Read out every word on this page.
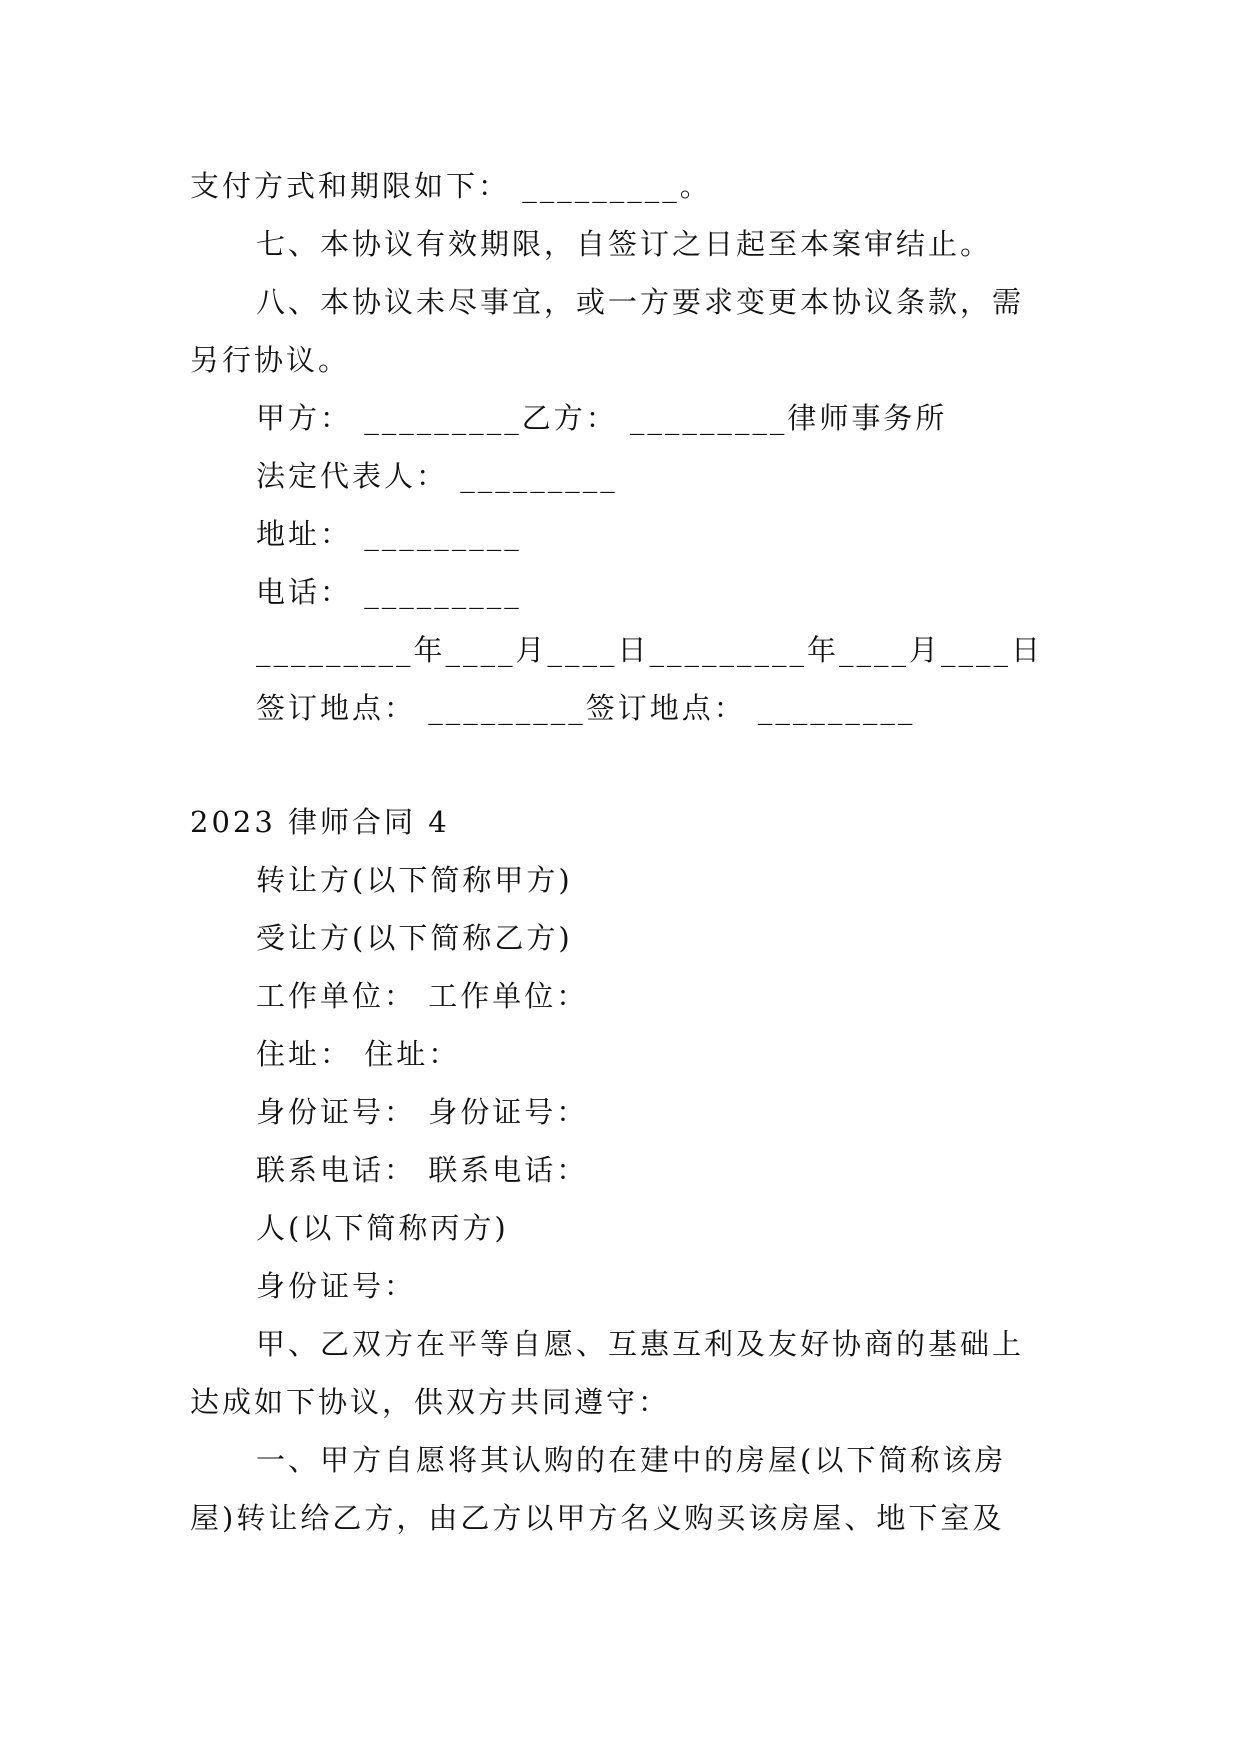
支付方式和期限如下： _________。
七、本协议有效期限，自签订之日起至本案审结止。
八、本协议未尽事宜，或一方要求变更本协议条款，需
另行协议。
甲方： _________乙方： _________律师事务所
法定代表人： _________
地址： _________
电话： _________
_________年____月____日_________年____月____日
签订地点： _________签订地点： _________
2023 律师合同 4
转让方(以下简称甲方)
受让方(以下简称乙方)
工作单位： 工作单位：
住址： 住址：
身份证号： 身份证号：
联系电话： 联系电话：
人(以下简称丙方)
身份证号：
甲、乙双方在平等自愿、互惠互利及友好协商的基础上
达成如下协议，供双方共同遵守：
一、甲方自愿将其认购的在建中的房屋(以下简称该房
屋)转让给乙方，由乙方以甲方名义购买该房屋、地下室及
